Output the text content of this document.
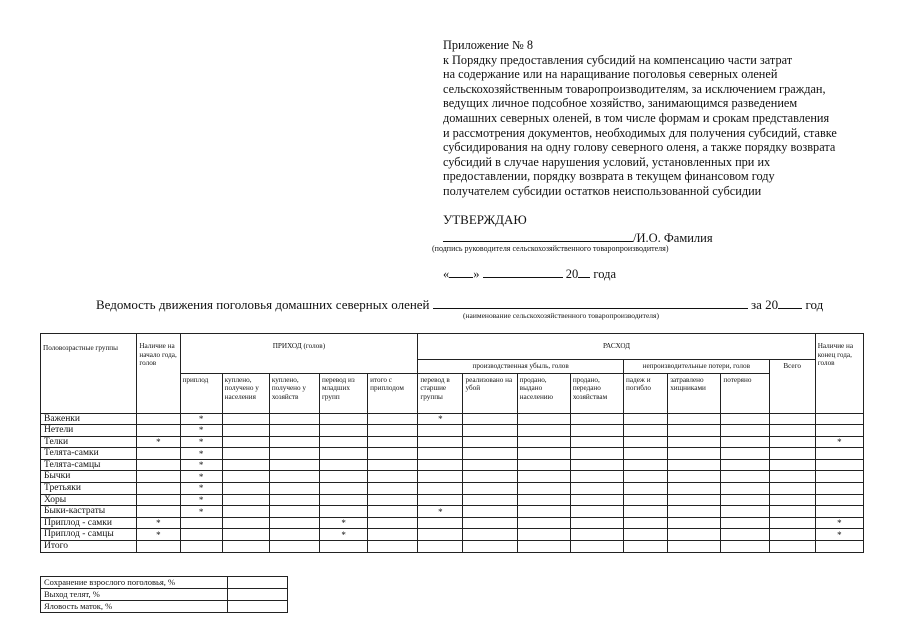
Приложение № 8
к Порядку предоставления субсидий на компенсацию части затрат
на содержание или на наращивание поголовья северных оленей
сельскохозяйственным товаропроизводителям, за исключением граждан,
ведущих личное подсобное хозяйство, занимающимся разведением
домашних северных оленей, в том числе формам и срокам представления
и рассмотрения документов, необходимых для получения субсидий, ставке
субсидирования на одну голову северного оленя, а также порядку возврата
субсидий в случае нарушения условий, установленных при их
предоставлении, порядку возврата в текущем финансовом году
получателем субсидии остатков неиспользованной субсидии
УТВЕРЖДАЮ
/И.О. Фамилия
(подпись руководителя сельскохозяйственного товаропроизводителя)
« »	20 года
Ведомость движения поголовья домашних северных оленей	за 20 год
(наименование сельскохозяйственного товаропроизводителя)
Половозрастные группы	Наличие на начало года, голов	ПРИХОД (голов)					РАСХОД								Наличие на конец года, голов
							производственная убыль, голов				непроизводительные потери, голов			Всего	
		приплод	куплено, получено у населения	куплено, получено у хозяйств	перевод из младших групп	итого с приплодом	перевод в старшие группы	реализовано на убой	продано, выдано населению	продано, передано хозяйствам	падеж и погибло	затравлено хищниками	потеряно		
Важенки		*					*								
Нетели		*													
Телки	*	*													*
Телята-самки		*													
Телята-самцы		*													
Бычки		*													
Третьяки		*													
Хоры		*													
Быки-кастраты		*					*								
Приплод - самки	*				*										*
Приплод - самцы	*				*										*
Итого															
Сохранение взрослого поголовья, %	
Выход телят, %	
Яловость маток, %	
